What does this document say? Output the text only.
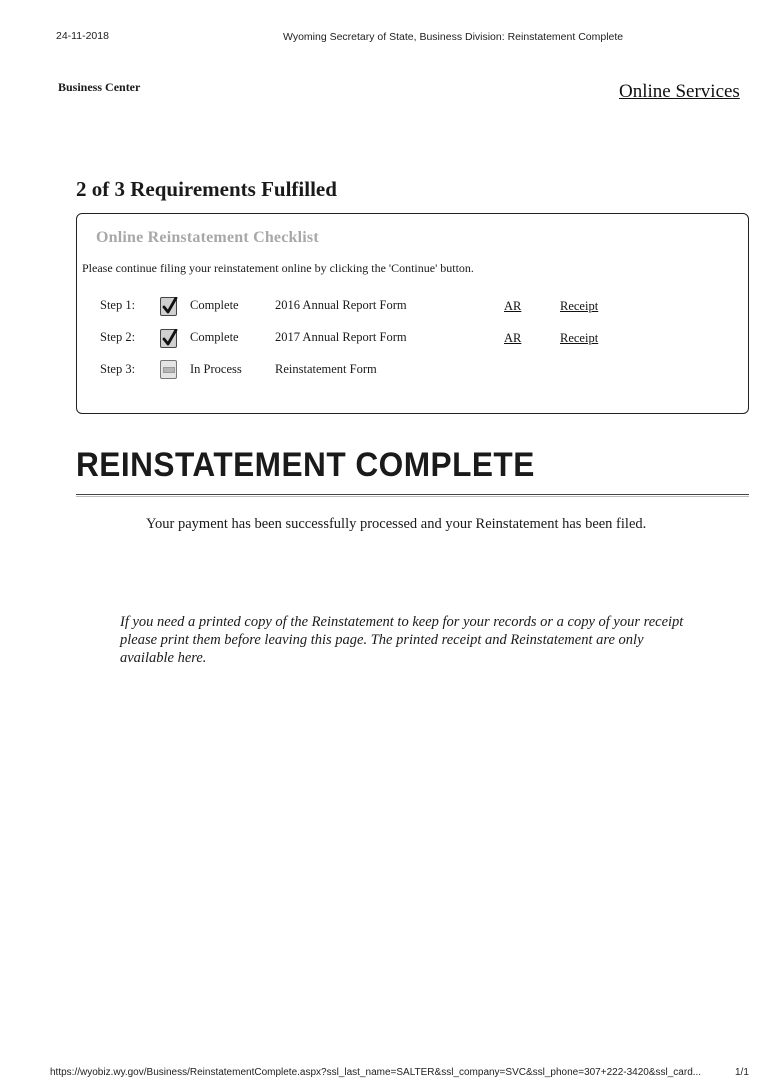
24-11-2018	Wyoming Secretary of State, Business Division: Reinstatement Complete
Business Center	Online Services
2 of 3 Requirements Fulfilled
Online Reinstatement Checklist
Please continue filing your reinstatement online by clicking the 'Continue' button.
Step 1:	Complete	2016 Annual Report Form	AR	Receipt
Step 2:	Complete	2017 Annual Report Form	AR	Receipt
Step 3:	In Process	Reinstatement Form
REINSTATEMENT COMPLETE
Your payment has been successfully processed and your Reinstatement has been filed.
If you need a printed copy of the Reinstatement to keep for your records or a copy of your receipt please print them before leaving this page. The printed receipt and Reinstatement are only available here.
https://wyobiz.wy.gov/Business/ReinstatementComplete.aspx?ssl_last_name=SALTER&ssl_company=SVC&ssl_phone=307+222-3420&ssl_card...	1/1
